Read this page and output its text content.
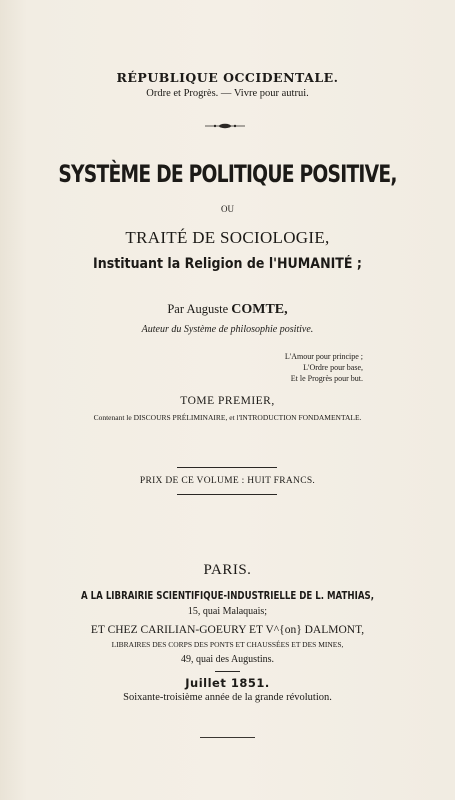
RÉPUBLIQUE OCCIDENTALE.
Ordre et Progrès. — Vivre pour autrui.
SYSTÈME DE POLITIQUE POSITIVE,
OU
TRAITÉ DE SOCIOLOGIE,
Instituant la Religion de l'HUMANITÉ ;
Par Auguste COMTE,
Auteur du Système de philosophie positive.
L'Amour pour principe ;
L'Ordre pour base,
Et le Progrès pour but.
TOME PREMIER,
Contenant le DISCOURS PRÉLIMINAIRE, et l'INTRODUCTION FONDAMENTALE.
PRIX DE CE VOLUME : HUIT FRANCS.
PARIS.
A LA LIBRAIRIE SCIENTIFIQUE-INDUSTRIELLE DE L. MATHIAS,
15, quai Malaquais;
ET CHEZ CARILIAN-GOEURY ET V^{on} DALMONT,
LIBRAIRES DES CORPS DES PONTS ET CHAUSSÉES ET DES MINES,
49, quai des Augustins.
Juillet 1851.
Soixante-troisième année de la grande révolution.
